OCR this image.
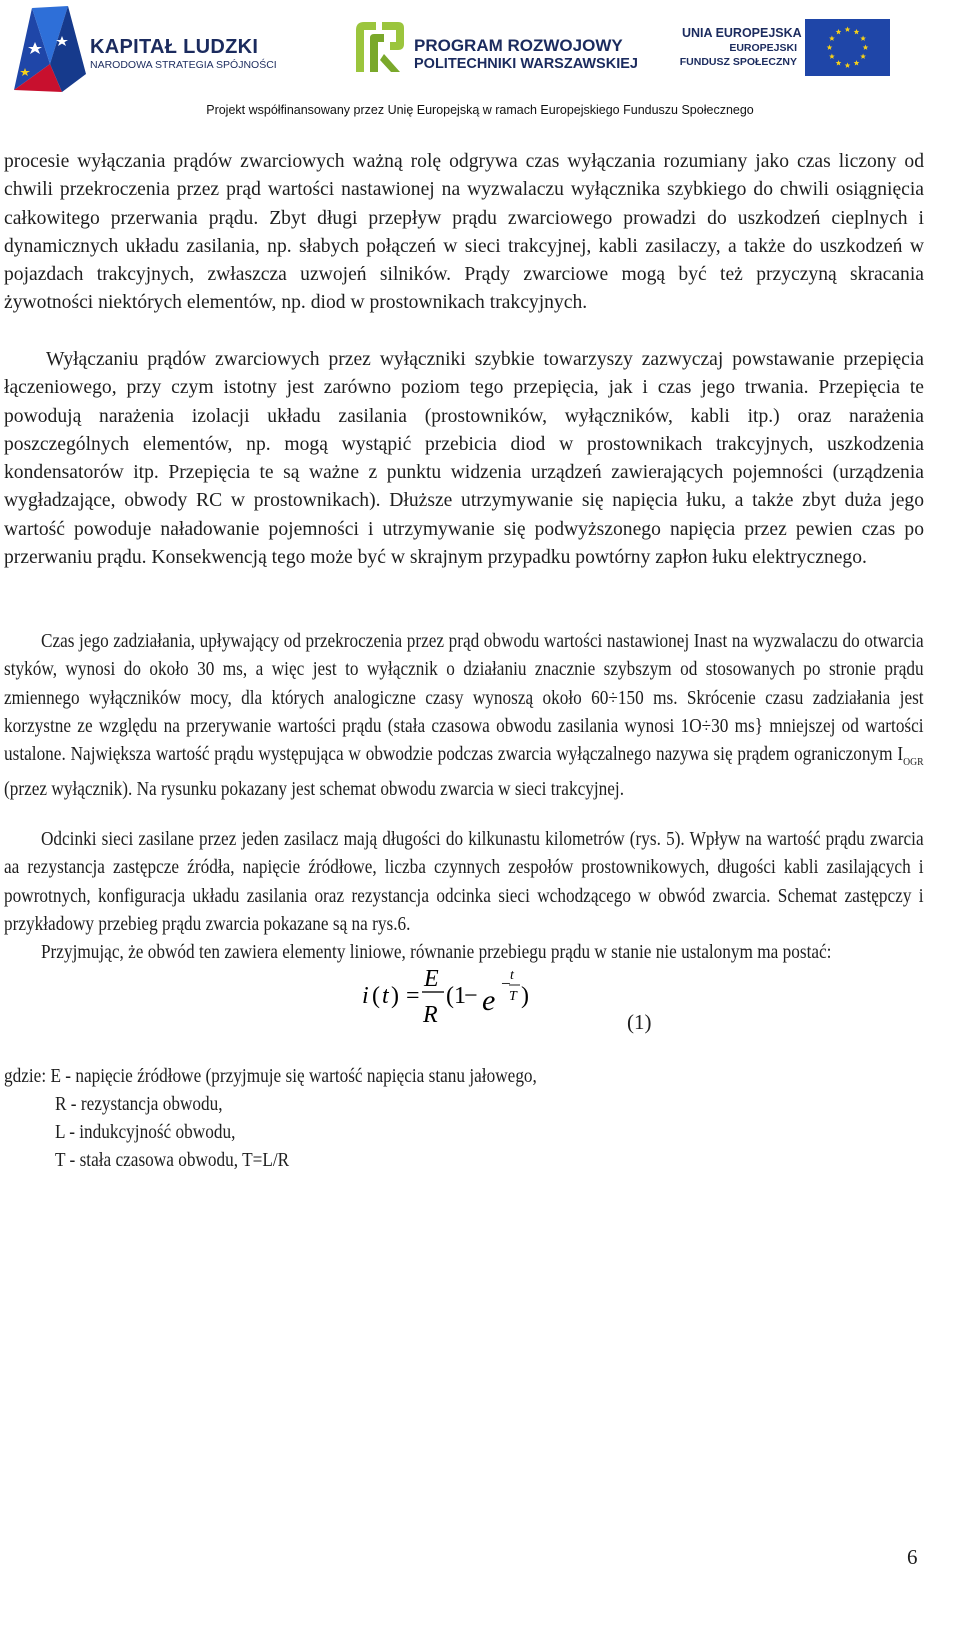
KAPITAŁ LUDZKI
NARODOWA STRATEGIA SPÓJNOŚCI
PROGRAM ROZWOJOWY
POLITECHNIKI WARSZAWSKIEJ
UNIA EUROPEJSKA
EUROPEJSKI
FUNDUSZ SPOŁECZNY
Projekt współfinansowany przez Unię Europejską w ramach Europejskiego Funduszu Społecznego

procesie wyłączania prądów zwarciowych ważną rolę odgrywa czas wyłączania rozumiany jako czas liczony od chwili przekroczenia przez prąd wartości nastawionej na wyzwalaczu wyłącznika szybkiego do chwili osiągnięcia całkowitego przerwania prądu. Zbyt długi przepływ prądu zwarciowego prowadzi do uszkodzeń cieplnych i dynamicznych układu zasilania, np. słabych połączeń w sieci trakcyjnej, kabli zasilaczy, a także do uszkodzeń w pojazdach trakcyjnych, zwłaszcza uzwojeń silników. Prądy zwarciowe mogą być też przyczyną skracania żywotności niektórych elementów, np. diod w prostownikach trakcyjnych.

Wyłączaniu prądów zwarciowych przez wyłączniki szybkie towarzyszy zazwyczaj powstawanie przepięcia łączeniowego, przy czym istotny jest zarówno poziom tego przepięcia, jak i czas jego trwania. Przepięcia te powodują narażenia izolacji układu zasilania (prostowników, wyłączników, kabli itp.) oraz narażenia poszczególnych elementów, np. mogą wystąpić przebicia diod w prostownikach trakcyjnych, uszkodzenia kondensatorów itp. Przepięcia te są ważne z punktu widzenia urządzeń zawierających pojemności (urządzenia wygładzające, obwody RC w prostownikach). Dłuższe utrzymywanie się napięcia łuku, a także zbyt duża jego wartość powoduje naładowanie pojemności i utrzymywanie się podwyższonego napięcia przez pewien czas po przerwaniu prądu. Konsekwencją tego może być w skrajnym przypadku powtórny zapłon łuku elektrycznego.

Czas jego zadziałania, upływający od przekroczenia przez prąd obwodu wartości nastawionej Inast na wyzwalaczu do otwarcia styków, wynosi do około 30 ms, a więc jest to wyłącznik o działaniu znacznie szybszym od stosowanych po stronie prądu zmiennego wyłączników mocy, dla których analogiczne czasy wynoszą około 60÷150 ms. Skrócenie czasu zadziałania jest korzystne ze względu na przerywanie wartości prądu (stała czasowa obwodu zasilania wynosi 1O÷30 ms} mniejszej od wartości ustalone. Największa wartość prądu występująca w obwodzie podczas zwarcia wyłączalnego nazywa się prądem ograniczonym $I_{OGR}$ (przez wyłącznik). Na rysunku pokazany jest schemat obwodu zwarcia w sieci trakcyjnej.
Odcinki sieci zasilane przez jeden zasilacz mają długości do kilkunastu kilometrów (rys. 5). Wpływ na wartość prądu zwarcia aa rezystancja zastępcze źródła, napięcie źródłowe, liczba czynnych zespołów prostownikowych, długości kabli zasilających i powrotnych, konfiguracja układu zasilania oraz rezystancja odcinka sieci wchodzącego w obwód zwarcia. Schemat zastępczy i przykładowy przebieg prądu zwarcia pokazane są na rys.6.
Przyjmując, że obwód ten zawiera elementy liniowe, równanie przebiegu prądu w stanie nie ustalonym ma postać:
i ( t ) =
E
R
(1
− e
− t
T )
(1)
gdzie: E - napięcie źródłowe (przyjmuje się wartość napięcia stanu jałowego,
R - rezystancja obwodu,
L - indukcyjność obwodu,
T - stała czasowa obwodu, T=L/R
6
